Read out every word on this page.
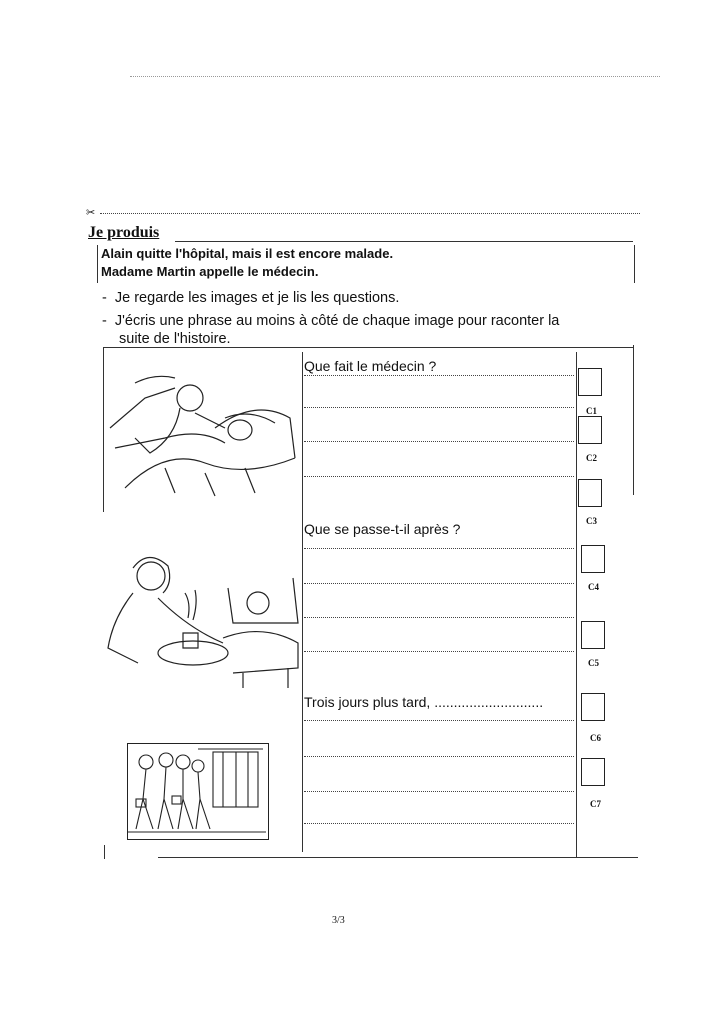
✂
Je produis
Alain quitte l'hôpital, mais il est encore malade.
Madame Martin appelle le médecin.
-  Je regarde les images et je lis les questions.
-  J'écris une phrase au moins à côté de chaque image pour raconter la
suite de l'histoire.
Que fait le médecin ?
Que se passe-t-il après ?
Trois jours plus tard, ............................
C1
C2
C3
C4
C5
C6
C7
3/3
